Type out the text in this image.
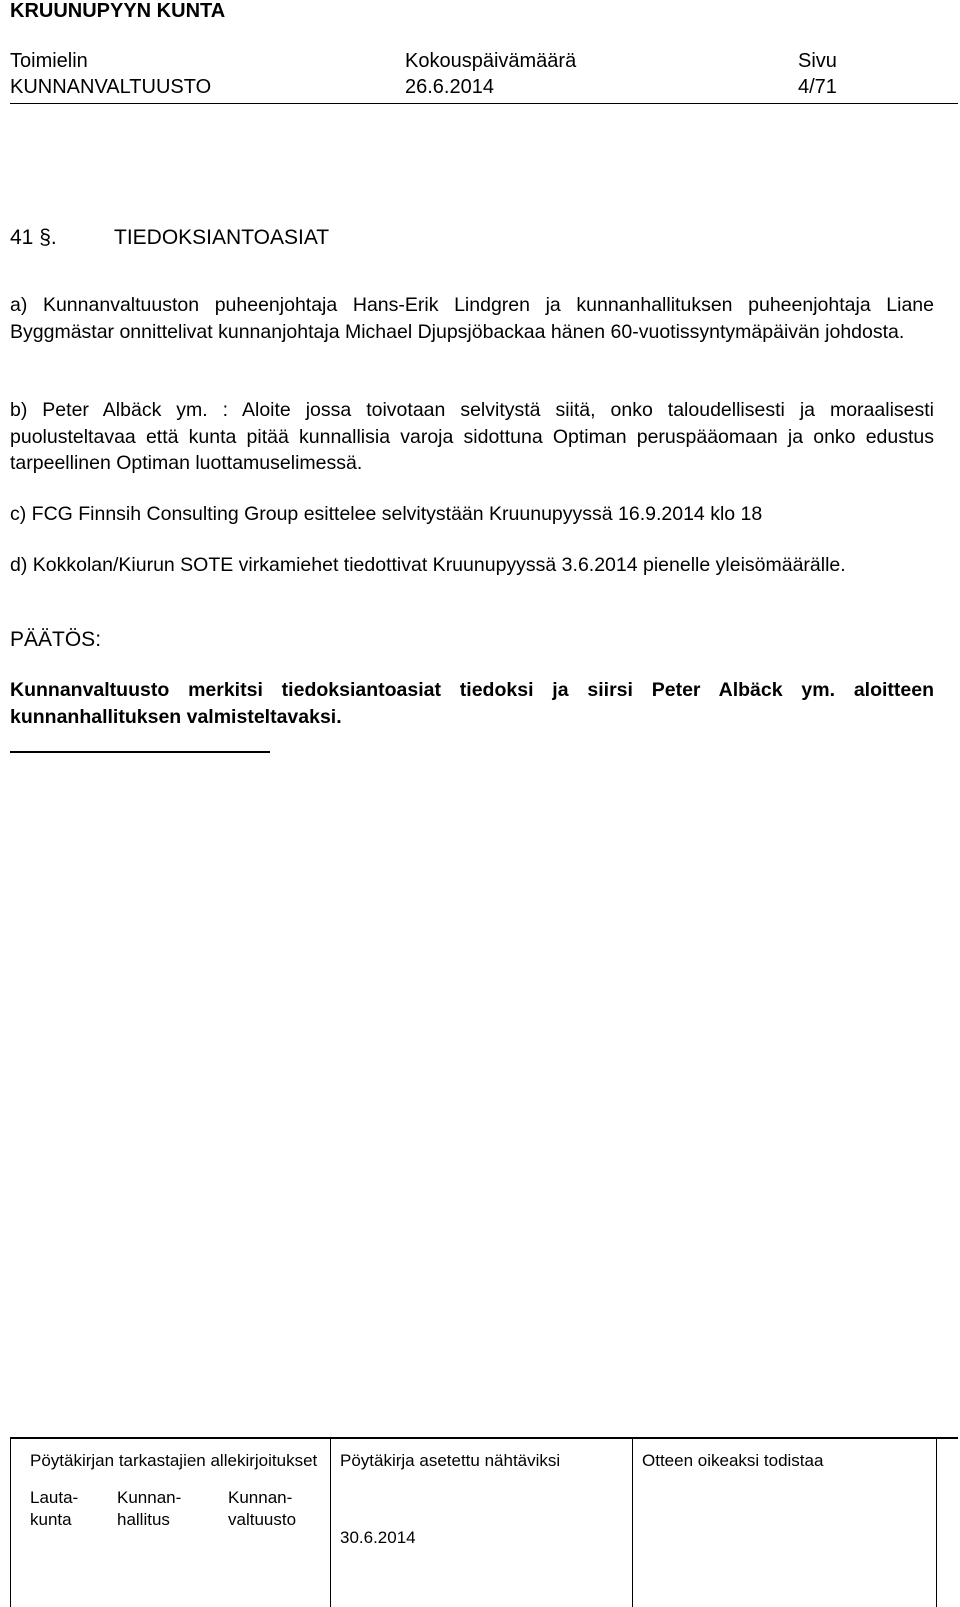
KRUUNUPYYN KUNTA
Toimielin
KUNNANVALTUUSTO
Kokouspäivämäärä
26.6.2014
Sivu
4/71
41 §.	TIEDOKSIANTOASIAT
a) Kunnanvaltuuston puheenjohtaja Hans-Erik Lindgren ja kunnanhallituksen puheenjohtaja Liane Byggmästar onnittelivat kunnanjohtaja Michael Djupsjöbackaa hänen 60-vuotissyntymäpäivän johdosta.
b) Peter Albäck ym. : Aloite jossa toivotaan selvitystä siitä, onko taloudellisesti ja moraalisesti puolusteltavaa että kunta pitää kunnallisia varoja sidottuna Optiman peruspääomaan ja onko edustus tarpeellinen Optiman luottamuselimessä.
c) FCG Finnsih Consulting Group esittelee selvitystään Kruunupyyssä 16.9.2014 klo 18
d) Kokkolan/Kiurun SOTE virkamiehet tiedottivat Kruunupyyssä 3.6.2014 pienelle yleisömäärälle.
PÄÄTÖS:
Kunnanvaltuusto merkitsi tiedoksiantoasiat tiedoksi ja siirsi Peter Albäck ym. aloitteen kunnanhallituksen valmisteltavaksi.
Pöytäkirjan tarkastajien allekirjoitukset Pöytäkirja asetettu nähtäviksi	Otteen oikeaksi todistaa
Lauta-
kunta
Kunnan-
hallitus
Kunnan-
valtuusto
30.6.2014
